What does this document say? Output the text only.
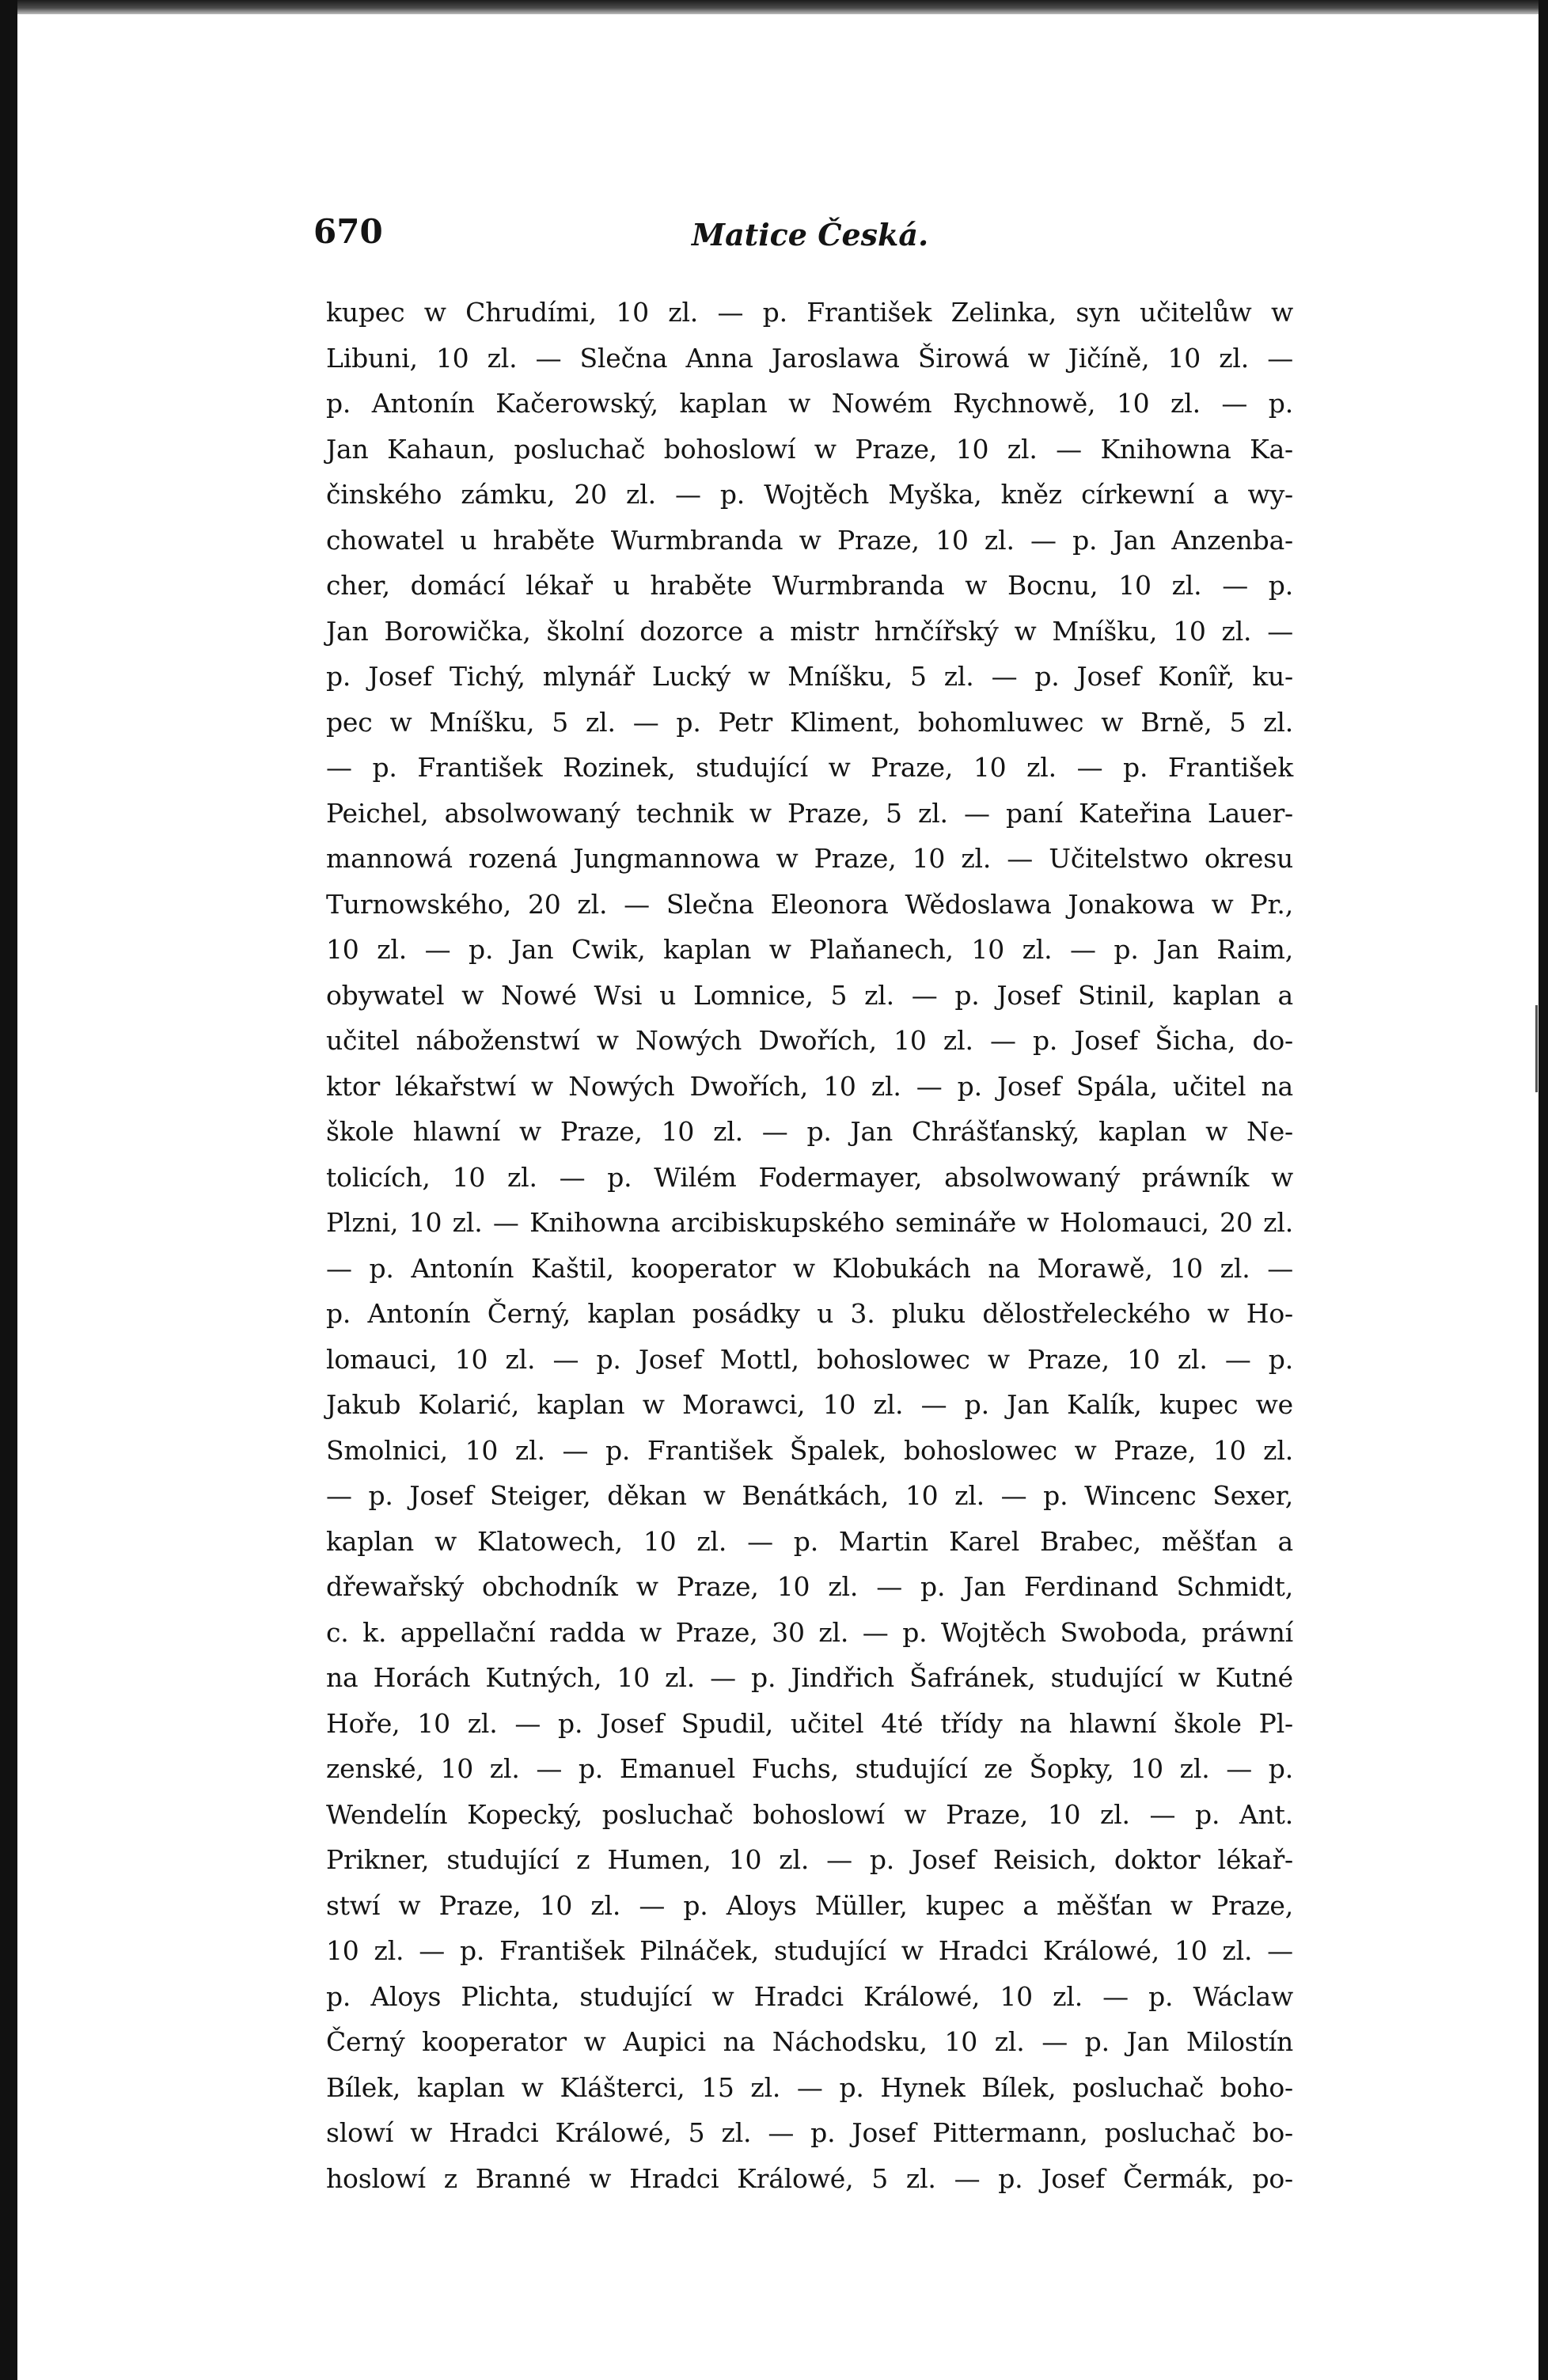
670	Matice Česká.
kupec w Chrudími, 10 zl. — p. František Zelinka, syn učitelůw w
Libuni, 10 zl. — Slečna Anna Jaroslawa Širowá w Jičíně, 10 zl. —
p. Antonín Kačerowský, kaplan w Nowém Rychnowě, 10 zl. — p.
Jan Kahaun, posluchač bohoslowí w Praze, 10 zl. — Knihowna Ka-
činského zámku, 20 zl. — p. Wojtěch Myška, kněz církewní a wy-
chowatel u hraběte Wurmbranda w Praze, 10 zl. — p. Jan Anzenba-
cher, domácí lékař u hraběte Wurmbranda w Bocnu, 10 zl. — p.
Jan Borowička, školní dozorce a mistr hrnčířský w Mníšku, 10 zl. —
p. Josef Tichý, mlynář Lucký w Mníšku, 5 zl. — p. Josef Konîř, ku-
pec w Mníšku, 5 zl. — p. Petr Kliment, bohomluwec w Brně, 5 zl.
— p. František Rozinek, studující w Praze, 10 zl. — p. František
Peichel, absolwowaný technik w Praze, 5 zl. — paní Kateřina Lauer-
mannowá rozená Jungmannowa w Praze, 10 zl. — Učitelstwo okresu
Turnowského, 20 zl. — Slečna Eleonora Wědoslawa Jonakowa w Pr.,
10 zl. — p. Jan Cwik, kaplan w Plaňanech, 10 zl. — p. Jan Raim,
obywatel w Nowé Wsi u Lomnice, 5 zl. — p. Josef Stinil, kaplan a
učitel náboženstwí w Nowých Dwořích, 10 zl. — p. Josef Šicha, do-
ktor lékařstwí w Nowých Dwořích, 10 zl. — p. Josef Spála, učitel na
škole hlawní w Praze, 10 zl. — p. Jan Chrášťanský, kaplan w Ne-
tolicích, 10 zl. — p. Wilém Fodermayer, absolwowaný práwník w
Plzni, 10 zl. — Knihowna arcibiskupského semináře w Holomauci, 20 zl.
— p. Antonín Kaštil, kooperator w Klobukách na Morawě, 10 zl. —
p. Antonín Černý, kaplan posádky u 3. pluku dělostřeleckého w Ho-
lomauci, 10 zl. — p. Josef Mottl, bohoslowec w Praze, 10 zl. — p.
Jakub Kolarić, kaplan w Morawci, 10 zl. — p. Jan Kalík, kupec we
Smolnici, 10 zl. — p. František Špalek, bohoslowec w Praze, 10 zl.
— p. Josef Steiger, děkan w Benátkách, 10 zl. — p. Wincenc Sexer,
kaplan w Klatowech, 10 zl. — p. Martin Karel Brabec, měšťan a
dřewařský obchodník w Praze, 10 zl. — p. Jan Ferdinand Schmidt,
c. k. appellační radda w Praze, 30 zl. — p. Wojtěch Swoboda, práwní
na Horách Kutných, 10 zl. — p. Jindřich Šafránek, studující w Kutné
Hoře, 10 zl. — p. Josef Spudil, učitel 4té třídy na hlawní škole Pl-
zenské, 10 zl. — p. Emanuel Fuchs, studující ze Šopky, 10 zl. — p.
Wendelín Kopecký, posluchač bohoslowí w Praze, 10 zl. — p. Ant.
Prikner, studující z Humen, 10 zl. — p. Josef Reisich, doktor lékař-
stwí w Praze, 10 zl. — p. Aloys Müller, kupec a měšťan w Praze,
10 zl. — p. František Pilnáček, studující w Hradci Králowé, 10 zl. —
p. Aloys Plichta, studující w Hradci Králowé, 10 zl. — p. Wáclaw
Černý kooperator w Aupici na Náchodsku, 10 zl. — p. Jan Milostín
Bílek, kaplan w Klášterci, 15 zl. — p. Hynek Bílek, posluchač boho-
slowí w Hradci Králowé, 5 zl. — p. Josef Pittermann, posluchač bo-
hoslowí z Branné w Hradci Králowé, 5 zl. — p. Josef Čermák, po-
